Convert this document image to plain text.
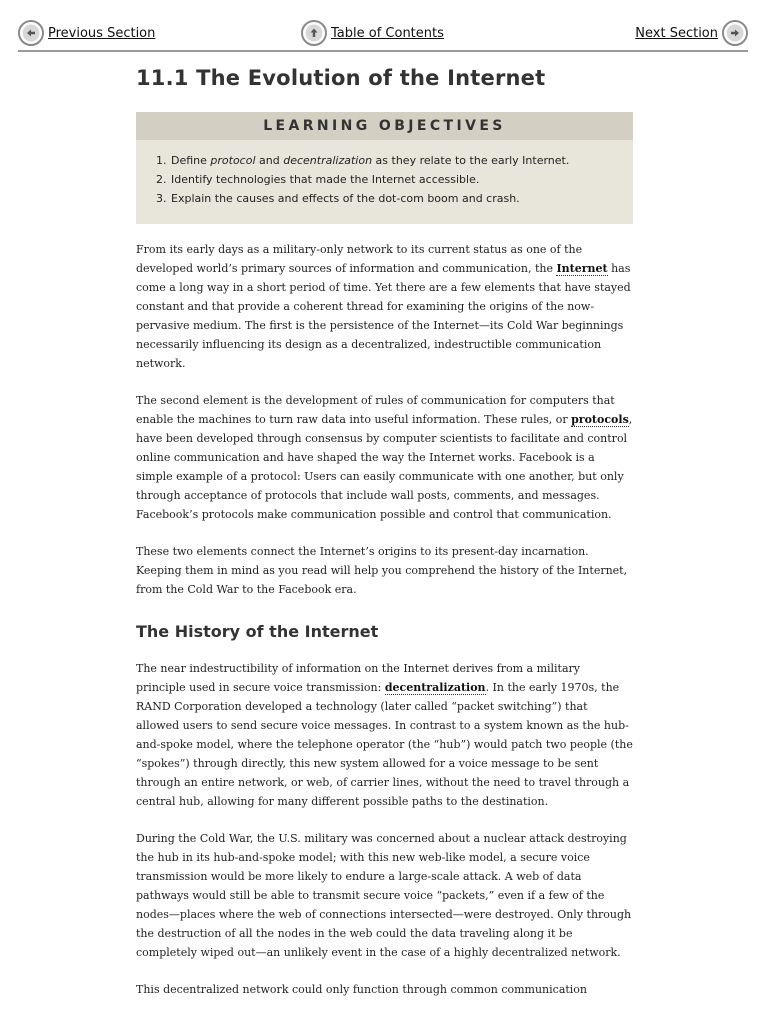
Previous Section	Table of Contents	Next Section
11.1 The Evolution of the Internet
LEARNING OBJECTIVES
1. Define protocol and decentralization as they relate to the early Internet.
2. Identify technologies that made the Internet accessible.
3. Explain the causes and effects of the dot-com boom and crash.

From its early days as a military-only network to its current status as one of the developed world’s primary sources of information and communication, the Internet has come a long way in a short period of time. Yet there are a few elements that have stayed constant and that provide a coherent thread for examining the origins of the now-pervasive medium. The first is the persistence of the Internet—its Cold War beginnings necessarily influencing its design as a decentralized, indestructible communication network.

The second element is the development of rules of communication for computers that enable the machines to turn raw data into useful information. These rules, or protocols, have been developed through consensus by computer scientists to facilitate and control online communication and have shaped the way the Internet works. Facebook is a simple example of a protocol: Users can easily communicate with one another, but only through acceptance of protocols that include wall posts, comments, and messages. Facebook’s protocols make communication possible and control that communication.

These two elements connect the Internet’s origins to its present-day incarnation. Keeping them in mind as you read will help you comprehend the history of the Internet, from the Cold War to the Facebook era.

The History of the Internet

The near indestructibility of information on the Internet derives from a military principle used in secure voice transmission: decentralization. In the early 1970s, the RAND Corporation developed a technology (later called “packet switching”) that allowed users to send secure voice messages. In contrast to a system known as the hub-and-spoke model, where the telephone operator (the “hub”) would patch two people (the “spokes”) through directly, this new system allowed for a voice message to be sent through an entire network, or web, of carrier lines, without the need to travel through a central hub, allowing for many different possible paths to the destination.

During the Cold War, the U.S. military was concerned about a nuclear attack destroying the hub in its hub-and-spoke model; with this new web-like model, a secure voice transmission would be more likely to endure a large-scale attack. A web of data pathways would still be able to transmit secure voice “packets,” even if a few of the nodes—places where the web of connections intersected—were destroyed. Only through the destruction of all the nodes in the web could the data traveling along it be completely wiped out—an unlikely event in the case of a highly decentralized network.

This decentralized network could only function through common communication
